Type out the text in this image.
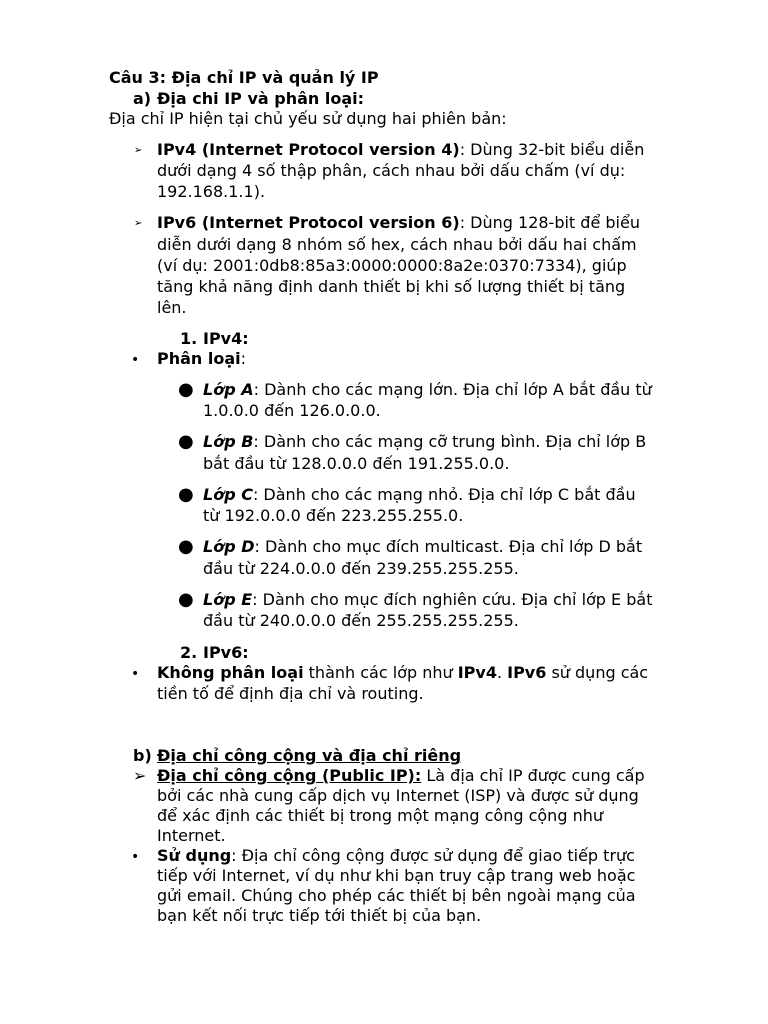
Câu 3: Địa chỉ IP và quản lý IP
a) Địa chi IP và phân loại:
Địa chỉ IP hiện tại chủ yếu sử dụng hai phiên bản:
➢ IPv4 (Internet Protocol version 4): Dùng 32-bit biểu diễn
dưới dạng 4 số thập phân, cách nhau bởi dấu chấm (ví dụ:
192.168.1.1).
➢ IPv6 (Internet Protocol version 6): Dùng 128-bit để biểu
diễn dưới dạng 8 nhóm số hex, cách nhau bởi dấu hai chấm
(ví dụ: 2001:0db8:85a3:0000:0000:8a2e:0370:7334), giúp
tăng khả năng định danh thiết bị khi số lượng thiết bị tăng
lên.
1. IPv4:
• Phân loại:
● Lớp A: Dành cho các mạng lớn. Địa chỉ lớp A bắt đầu từ
1.0.0.0 đến 126.0.0.0.
● Lớp B: Dành cho các mạng cỡ trung bình. Địa chỉ lớp B
bắt đầu từ 128.0.0.0 đến 191.255.0.0.
● Lớp C: Dành cho các mạng nhỏ. Địa chỉ lớp C bắt đầu
từ 192.0.0.0 đến 223.255.255.0.
● Lớp D: Dành cho mục đích multicast. Địa chỉ lớp D bắt
đầu từ 224.0.0.0 đến 239.255.255.255.
● Lớp E: Dành cho mục đích nghiên cứu. Địa chỉ lớp E bắt
đầu từ 240.0.0.0 đến 255.255.255.255.
2. IPv6:
• Không phân loại thành các lớp như IPv4. IPv6 sử dụng các
tiền tố để định địa chỉ và routing.
b) Địa chỉ công cộng và địa chỉ riêng
➢ Địa chỉ công cộng (Public IP): Là địa chỉ IP được cung cấp
bởi các nhà cung cấp dịch vụ Internet (ISP) và được sử dụng
để xác định các thiết bị trong một mạng công cộng như
Internet.
• Sử dụng: Địa chỉ công cộng được sử dụng để giao tiếp trực
tiếp với Internet, ví dụ như khi bạn truy cập trang web hoặc
gửi email. Chúng cho phép các thiết bị bên ngoài mạng của
bạn kết nối trực tiếp tới thiết bị của bạn.
